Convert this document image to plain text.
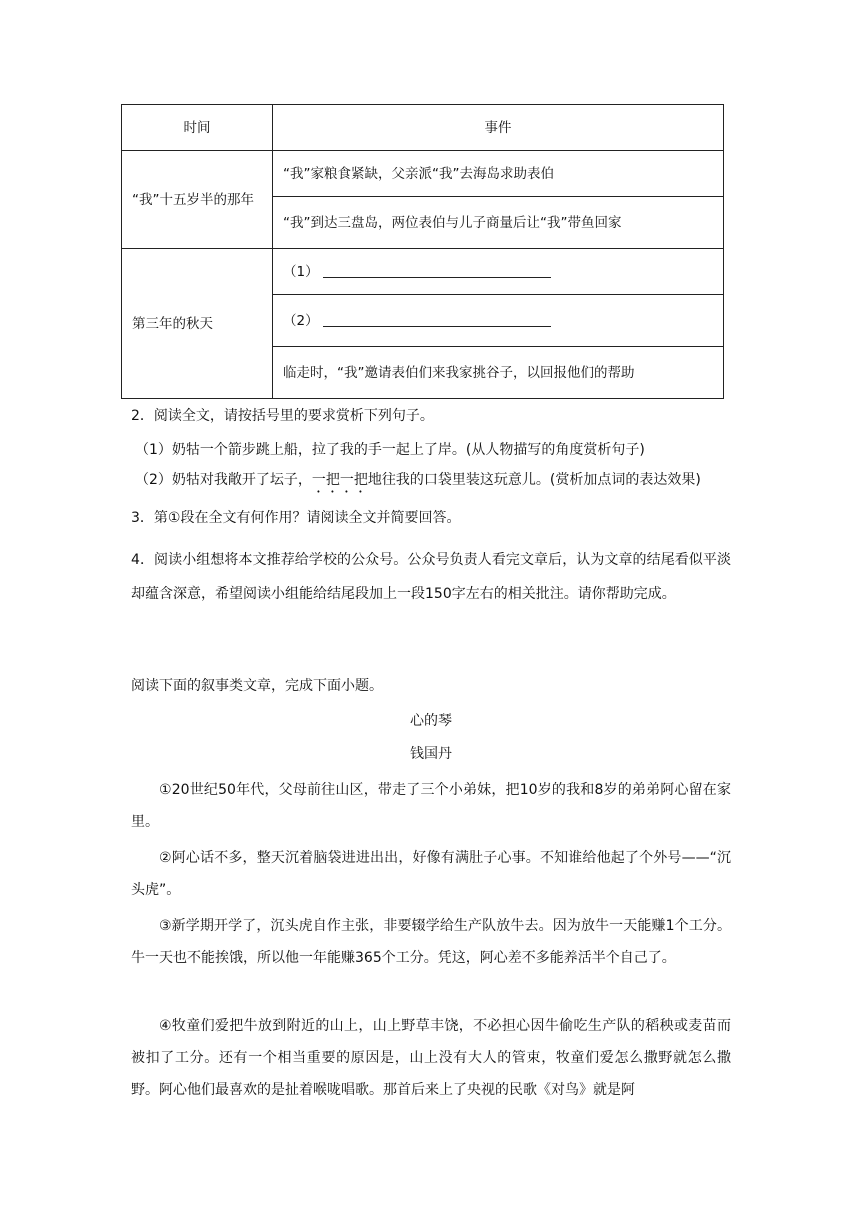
时间	事件
“我”十五岁半的那年	“我”家粮食紧缺，父亲派“我”去海岛求助表伯
	“我”到达三盘岛，两位表伯与儿子商量后让“我”带鱼回家
第三年的秋天	（1）
	（2）
	临走时，“我”邀请表伯们来我家挑谷子，以回报他们的帮助
2．阅读全文，请按括号里的要求赏析下列句子。
（1）奶牯一个箭步跳上船，拉了我的手一起上了岸。(从人物描写的角度赏析句子)
（2）奶牯对我敞开了坛子，一把一把地往我的口袋里装这玩意儿。(赏析加点词的表达效果)
3．第①段在全文有何作用？请阅读全文并简要回答。
4．阅读小组想将本文推荐给学校的公众号。公众号负责人看完文章后，认为文章的结尾看似平淡却蕴含深意，希望阅读小组能给结尾段加上一段150字左右的相关批注。请你帮助完成。
阅读下面的叙事类文章，完成下面小题。
心的琴
钱国丹
①20世纪50年代，父母前往山区，带走了三个小弟妹，把10岁的我和8岁的弟弟阿心留在家里。
②阿心话不多，整天沉着脑袋进进出出，好像有满肚子心事。不知谁给他起了个外号——“沉头虎”。
③新学期开学了，沉头虎自作主张，非要辍学给生产队放牛去。因为放牛一天能赚1个工分。牛一天也不能挨饿，所以他一年能赚365个工分。凭这，阿心差不多能养活半个自己了。
④牧童们爱把牛放到附近的山上，山上野草丰饶，不必担心因牛偷吃生产队的稻秧或麦苗而被扣了工分。还有一个相当重要的原因是，山上没有大人的管束，牧童们爱怎么撒野就怎么撒野。阿心他们最喜欢的是扯着喉咙唱歌。那首后来上了央视的民歌《对鸟》就是阿
